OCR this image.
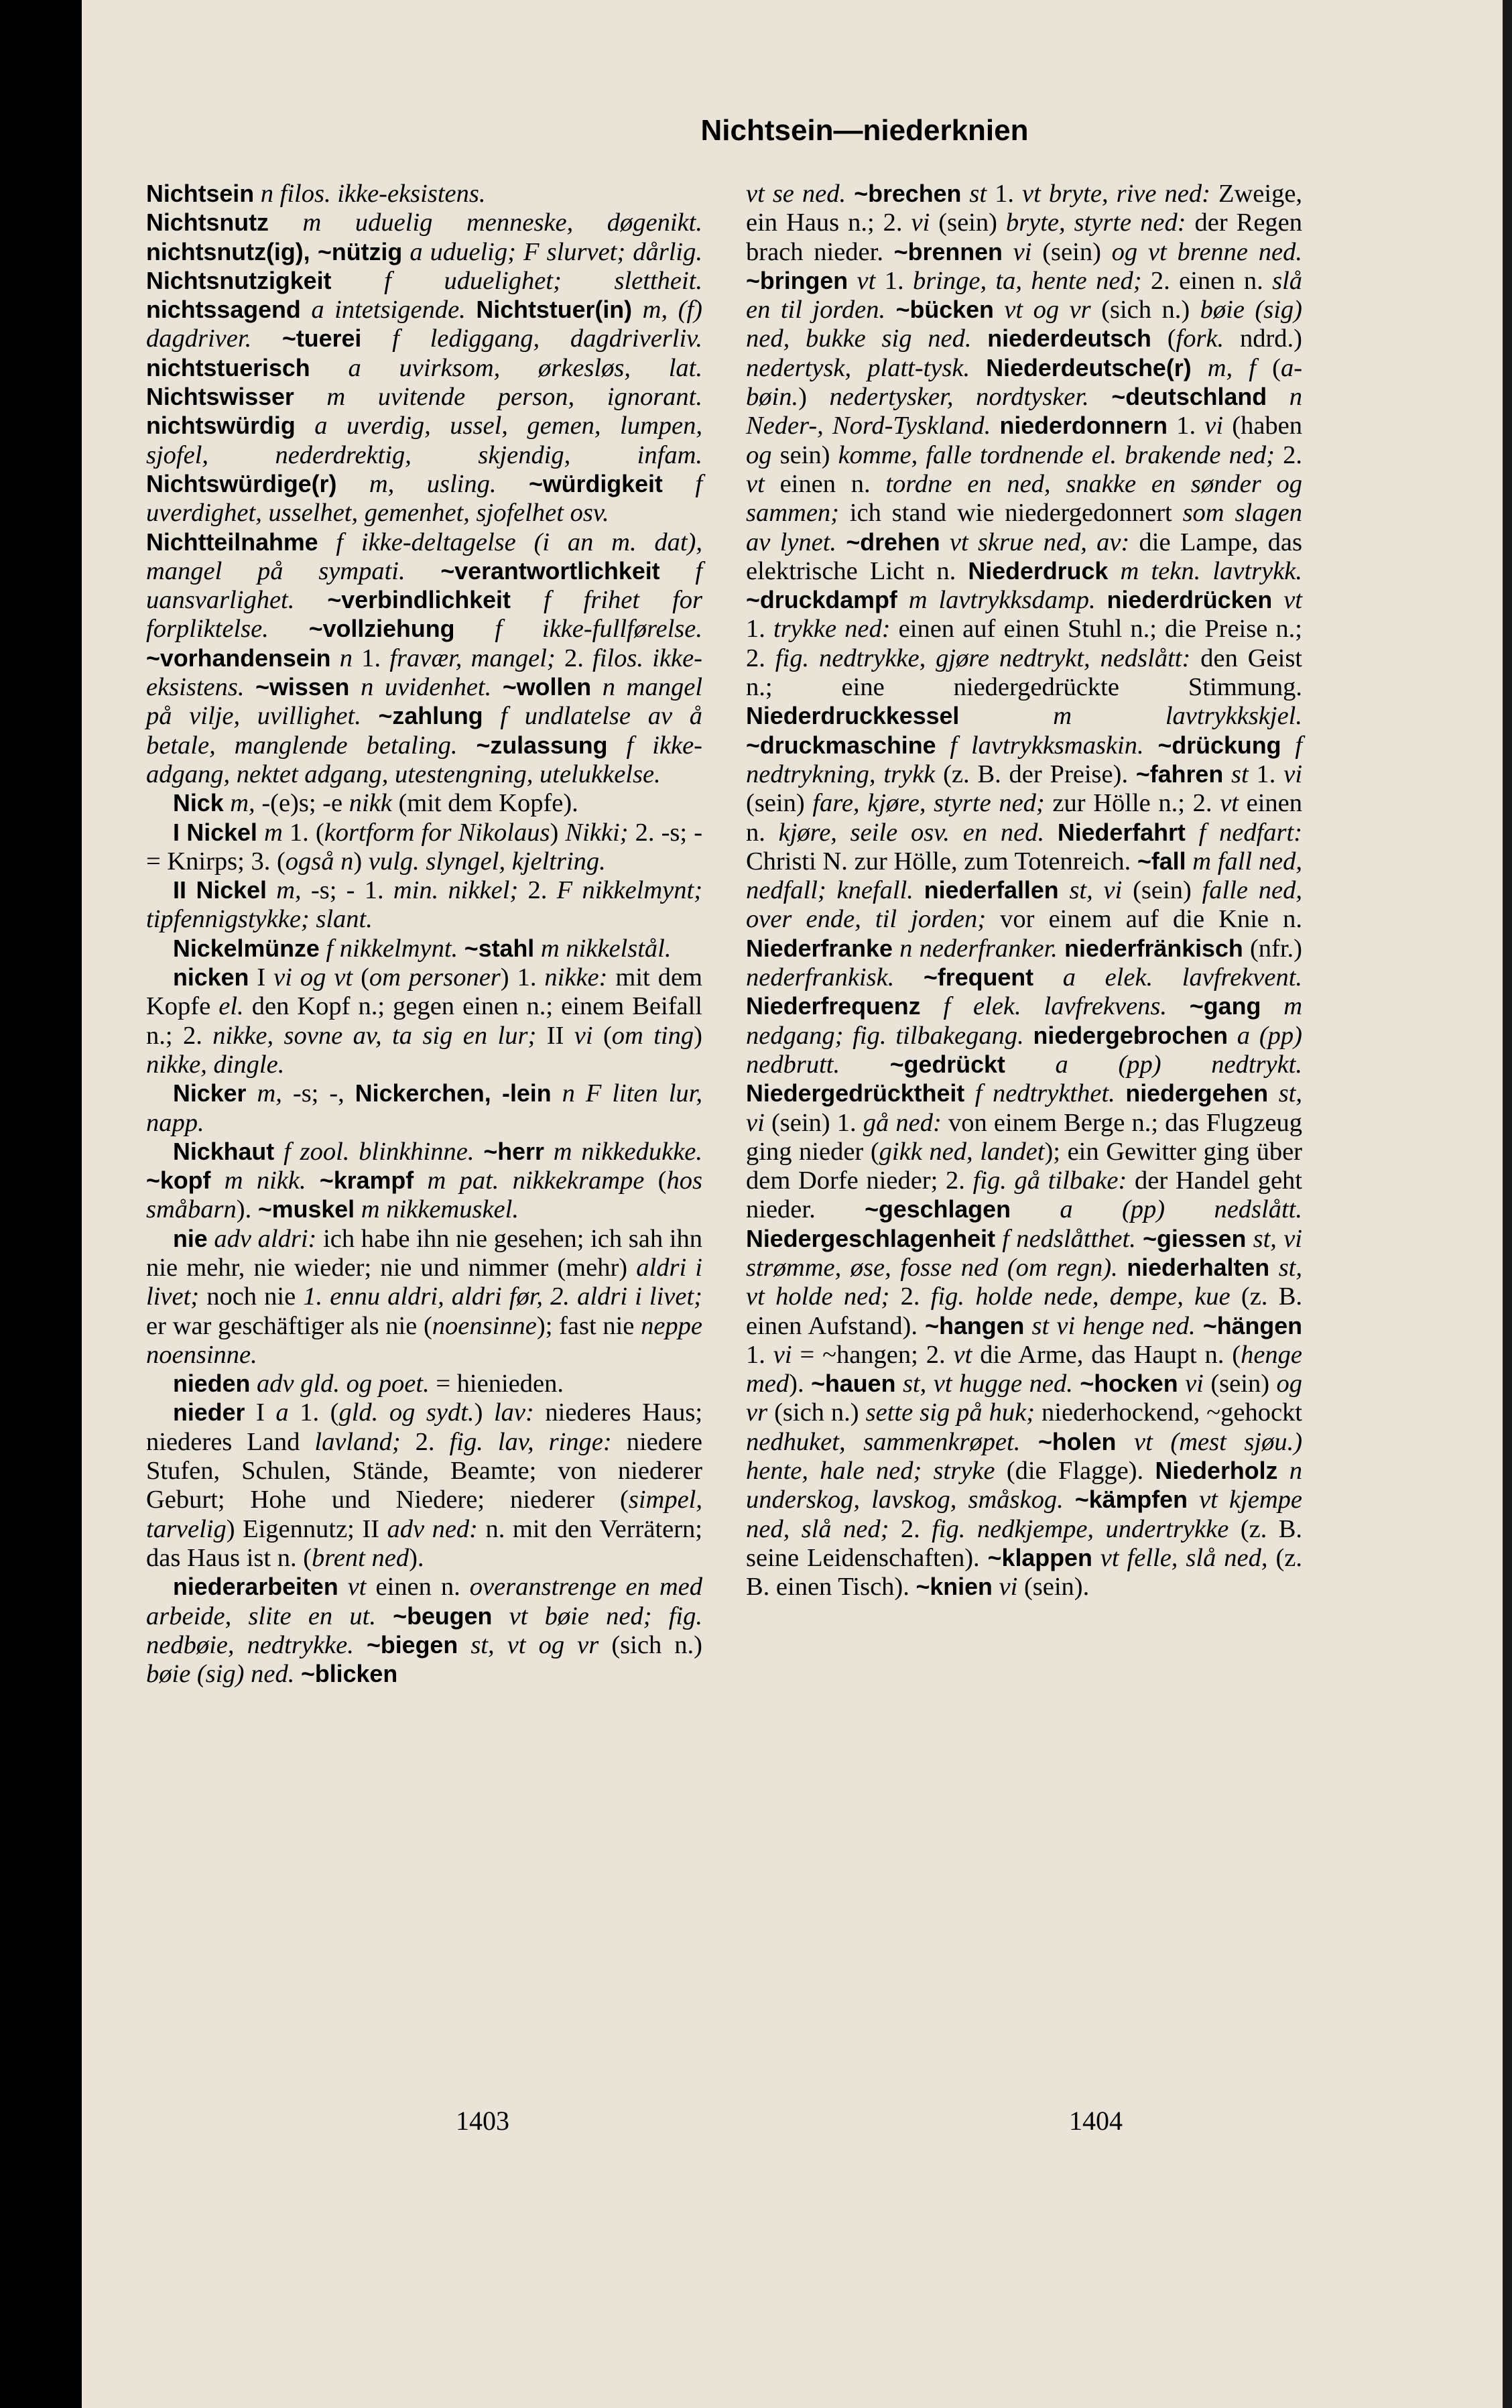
Nichtsein—niederknien
Nichtsein n filos. ikke-eksistens.
Nichtsnutz m uduelig menneske, døgenikt. nichtsnutz(ig), ~nützig a uduelig; F slurvet; dårlig. Nichtsnutzigkeit f uduelighet; slettheit. nichtssagend a intetsigende. Nichtstuer(in) m, (f) dagdriver. ~tuerei f lediggang, dagdriverliv. nichtstuerisch a uvirksom, ørkesløs, lat. Nichtswisser m uvitende person, ignorant. nichtswürdig a uverdig, ussel, gemen, lumpen, sjofel, nederdrektig, skjendig, infam. Nichtswürdige(r) m, usling. ~würdigkeit f uverdighet, usselhet, gemenhet, sjofelhet osv.
Nichtteilnahme f ikke-deltagelse (i an m. dat), mangel på sympati. ~verantwortlichkeit f uansvarlighet. ~verbindlichkeit f frihet for forpliktelse. ~vollziehung f ikke-fullførelse. ~vorhandensein n 1. fravær, mangel; 2. filos. ikke-eksistens. ~wissen n uvidenhet. ~wollen n mangel på vilje, uvillighet. ~zahlung f undlatelse av å betale, manglende betaling. ~zulassung f ikke-adgang, nektet adgang, utestengning, utelukkelse.
Nick m, -(e)s; -e nikk (mit dem Kopfe).
I Nickel m 1. (kortform for Nikolaus) Nikki; 2. -s; - = Knirps; 3. (også n) vulg. slyngel, kjeltring.
II Nickel m, -s; - 1. min. nikkel; 2. F nikkelmynt; tipfennigstykke; slant.
Nickelmünze f nikkelmynt. ~stahl m nikkelstål.
nicken I vi og vt (om personer) 1. nikke: mit dem Kopfe el. den Kopf n.; gegen einen n.; einem Beifall n.; 2. nikke, sovne av, ta sig en lur; II vi (om ting) nikke, dingle.
Nicker m, -s; -, Nickerchen, -lein n F liten lur, napp.
Nickhaut f zool. blinkhinne. ~herr m nikkedukke. ~kopf m nikk. ~krampf m pat. nikkekrampe (hos småbarn). ~muskel m nikkemuskel.
nie adv aldri: ich habe ihn nie gesehen; ich sah ihn nie mehr, nie wieder; nie und nimmer (mehr) aldri i livet; noch nie 1. ennu aldri, aldri før, 2. aldri i livet; er war geschäftiger als nie (noensinne); fast nie neppe noensinne.
nieden adv gld. og poet. = hienieden.
nieder I a 1. (gld. og sydt.) lav: niederes Haus; niederes Land lavland; 2. fig. lav, ringe: niedere Stufen, Schulen, Stände, Beamte; von niederer Geburt; Hohe und Niedere; niederer (simpel, tarvelig) Eigennutz; II adv ned: n. mit den Verrätern; das Haus ist n. (brent ned).
niederarbeiten vt einen n. overanstrenge en med arbeide, slite en ut. ~beugen vt bøie ned; fig. nedbøie, nedtrykke. ~biegen st, vt og vr (sich n.) bøie (sig) ned. ~blicken
vt se ned. ~brechen st 1. vt bryte, rive ned: Zweige, ein Haus n.; 2. vi (sein) bryte, styrte ned: der Regen brach nieder. ~brennen vi (sein) og vt brenne ned. ~bringen vt 1. bringe, ta, hente ned; 2. einen n. slå en til jorden. ~bücken vt og vr (sich n.) bøie (sig) ned, bukke sig ned. niederdeutsch (fork. ndrd.) nedertysk, platt-tysk. Niederdeutsche(r) m, f (a-bøin.) nedertysker, nordtysker. ~deutschland n Neder-, Nord-Tyskland. niederdonnern 1. vi (haben og sein) komme, falle tordnende el. brakende ned; 2. vt einen n. tordne en ned, snakke en sønder og sammen; ich stand wie niedergedonnert som slagen av lynet. ~drehen vt skrue ned, av: die Lampe, das elektrische Licht n. Niederdruck m tekn. lavtrykk. ~druckdampf m lavtrykksdamp. niederdrücken vt 1. trykke ned: einen auf einen Stuhl n.; die Preise n.; 2. fig. nedtrykke, gjøre nedtrykt, nedslått: den Geist n.; eine niedergedrückte Stimmung. Niederdruckkessel	m lavtrykkskjel. ~druckmaschine f lavtrykksmaskin. ~drückung f nedtrykning, trykk (z. B. der Preise). ~fahren st 1. vi (sein) fare, kjøre, styrte ned; zur Hölle n.; 2. vt einen n. kjøre, seile osv. en ned. Niederfahrt f nedfart: Christi N. zur Hölle, zum Totenreich. ~fall m fall ned, nedfall; knefall. niederfallen st, vi (sein) falle ned, over ende, til jorden; vor einem auf die Knie n. Niederfranke n nederfranker. niederfränkisch (nfr.) nederfrankisk. ~frequent a elek. lavfrekvent. Niederfrequenz f elek. lavfrekvens. ~gang m nedgang; fig. tilbakegang. niedergebrochen a (pp) nedbrutt. ~gedrückt a (pp) nedtrykt. Niedergedrücktheit f nedtrykthet. niedergehen st, vi (sein) 1. gå ned: von einem Berge n.; das Flugzeug ging nieder (gikk ned, landet); ein Gewitter ging über dem Dorfe nieder; 2. fig. gå tilbake: der Handel geht nieder. ~geschlagen a (pp) nedslått. Niedergeschlagenheit f nedslåtthet. ~giessen st, vi strømme, øse, fosse ned (om regn). niederhalten st, vt holde ned; 2. fig. holde nede, dempe, kue (z. B. einen Aufstand). ~hangen st vi henge ned. ~hängen 1. vi = ~hangen; 2. vt die Arme, das Haupt n. (henge med). ~hauen st, vt hugge ned. ~hocken vi (sein) og vr (sich n.) sette sig på huk; niederhockend, ~gehockt nedhuket, sammenkrøpet. ~holen vt (mest sjøu.) hente, hale ned; stryke (die Flagge). Niederholz n underskog, lavskog, småskog. ~kämpfen vt kjempe ned, slå ned; 2. fig. nedkjempe, undertrykke (z. B. seine Leidenschaften). ~klappen vt felle, slå ned, (z. B. einen Tisch). ~knien vi (sein).
1403	1404
